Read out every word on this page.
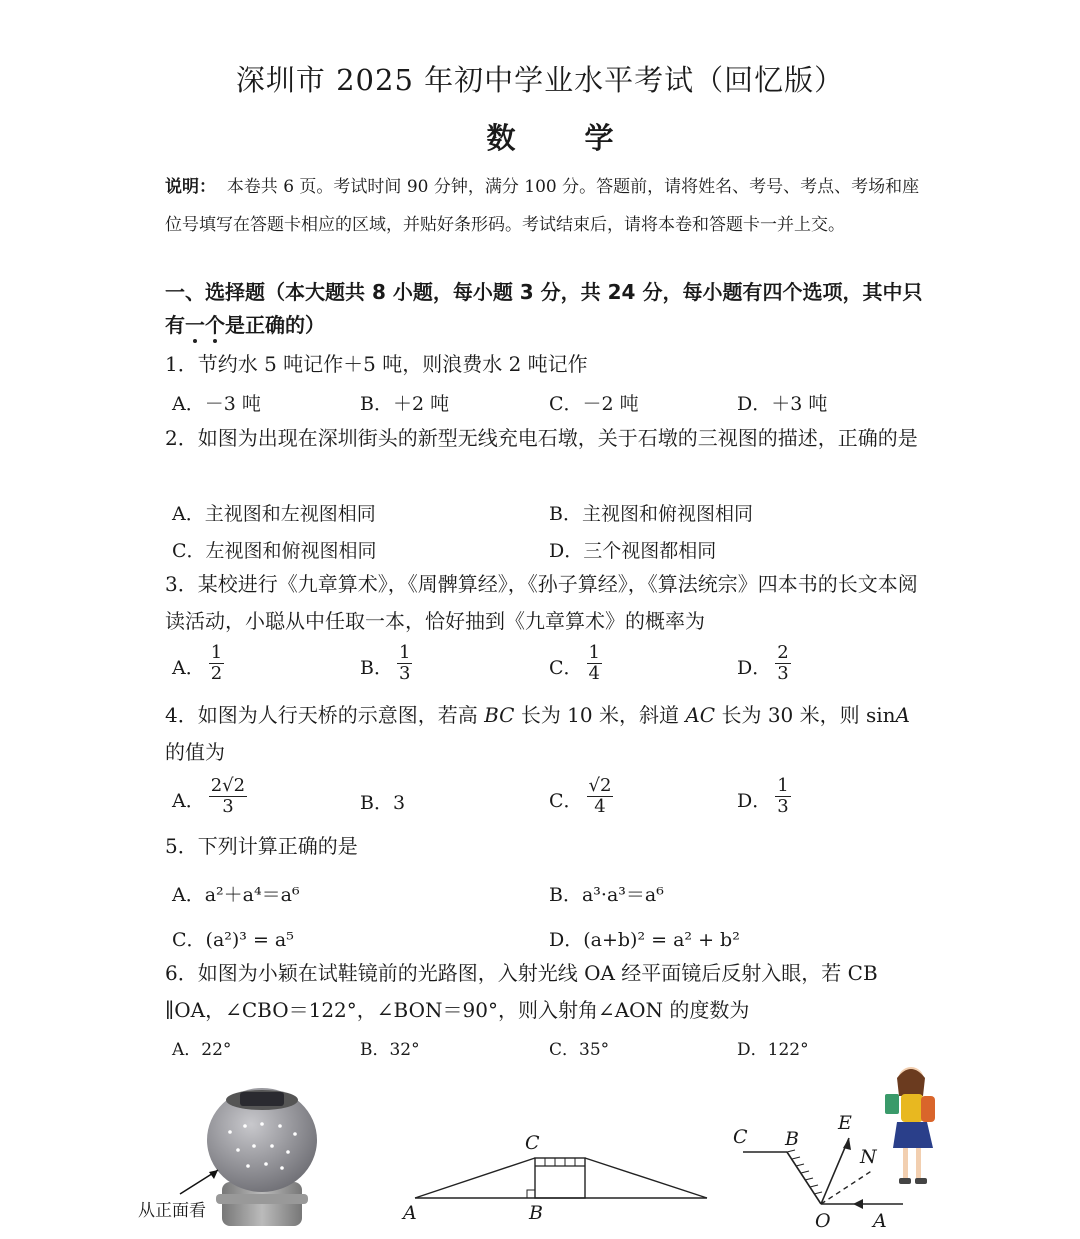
深圳市 2025 年初中学业水平考试（回忆版）
数　学
说明： 本卷共 6 页。考试时间 90 分钟，满分 100 分。答题前，请将姓名、考号、考点、考场和座位号填写在答题卡相应的区域，并贴好条形码。考试结束后，请将本卷和答题卡一并上交。
一、选择题（本大题共 8 小题，每小题 3 分，共 24 分，每小题有四个选项，其中只有一个是正确的）
1．节约水 5 吨记作＋5 吨，则浪费水 2 吨记作
A．－3 吨	B．＋2 吨	C．－2 吨	D．＋3 吨
2．如图为出现在深圳街头的新型无线充电石墩，关于石墩的三视图的描述，正确的是
A．主视图和左视图相同	B．主视图和俯视图相同
C．左视图和俯视图相同	D．三个视图都相同
3．某校进行《九章算术》，《周髀算经》，《孙子算经》，《算法统宗》四本书的长文本阅读活动，小聪从中任取一本，恰好抽到《九章算术》的概率为
A． $\frac{1}{2}$	B． $\frac{1}{3}$	C． $\frac{1}{4}$	D． $\frac{2}{3}$
4．如图为人行天桥的示意图，若高 BC 长为 10 米，斜道 AC 长为 30 米，则 sinA
的值为
A． $\frac{2√2}{3}$	B．3	C． $\frac{√2}{4}$	D． $\frac{1}{3}$
5．下列计算正确的是
A．a²＋a⁴＝a⁶	B．a³·a³＝a⁶
C．(a²)³ = a⁵	D．(a+b)² = a² + b²
6．如图为小颖在试鞋镜前的光路图，入射光线 OA 经平面镜后反射入眼，若 CB ∥OA，∠CBO＝122°，∠BON＝90°，则入射角∠AON 的度数为
A．22°	B．32°	C．35°	D．122°
从正面看	A	B
C	C B
E
N
O A
